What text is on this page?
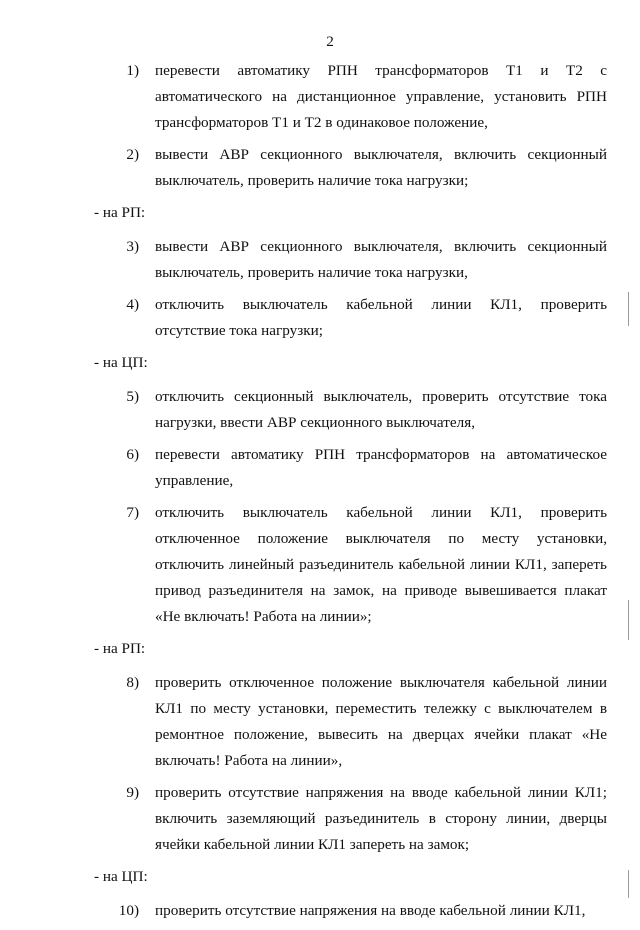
2
1)	перевести автоматику РПН трансформаторов Т1 и Т2 с автоматического на дистанционное управление, установить РПН трансформаторов Т1 и Т2 в одинаковое положение,
2)	вывести АВР секционного выключателя, включить секционный выключатель, проверить наличие тока нагрузки;
- на РП:
3)	вывести АВР секционного выключателя, включить секционный выключатель, проверить наличие тока нагрузки,
4)	отключить выключатель кабельной линии КЛ1, проверить отсутствие тока нагрузки;
- на ЦП:
5)	отключить секционный выключатель, проверить отсутствие тока нагрузки, ввести АВР секционного выключателя,
6)	перевести автоматику РПН трансформаторов на автоматическое управление,
7)	отключить выключатель кабельной линии КЛ1, проверить отключенное положение выключателя по месту установки, отключить линейный разъединитель кабельной линии КЛ1, запереть привод разъединителя на замок, на приводе вывешивается плакат «Не включать! Работа на линии»;
- на РП:
8)	проверить отключенное положение выключателя кабельной линии КЛ1 по месту установки, переместить тележку с выключателем в ремонтное положение, вывесить на дверцах ячейки плакат «Не включать! Работа на линии»,
9)	проверить отсутствие напряжения на вводе кабельной линии КЛ1; включить заземляющий разъединитель в сторону линии, дверцы ячейки кабельной линии КЛ1 запереть на замок;
- на ЦП:
10)	проверить отсутствие напряжения на вводе кабельной линии КЛ1,
